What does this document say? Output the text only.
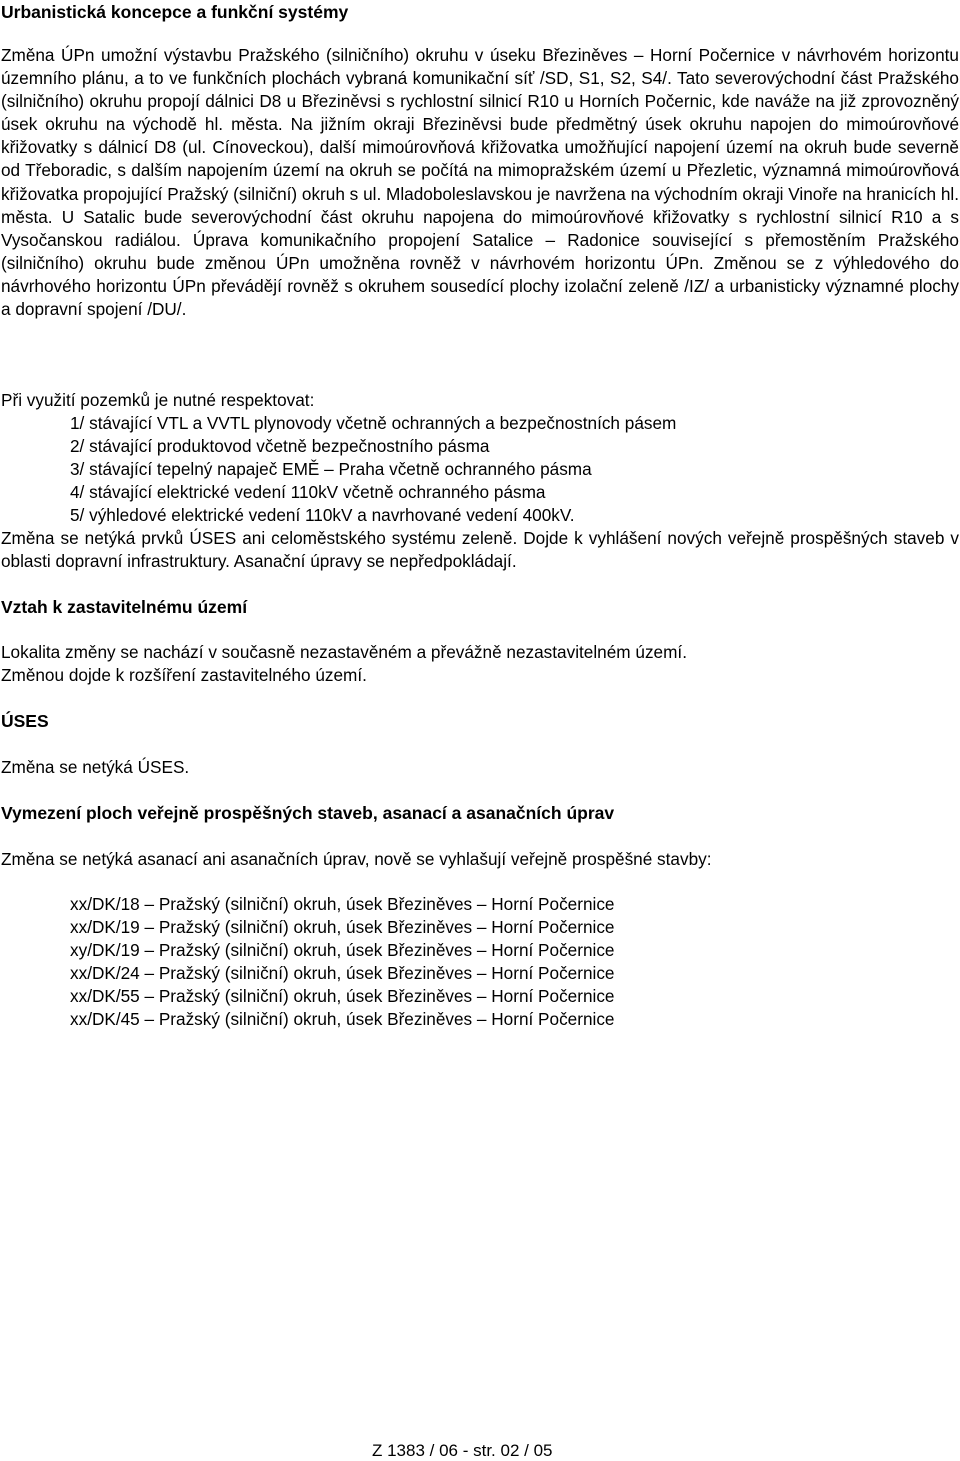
Urbanistická koncepce a funkční systémy

Změna ÚPn umožní výstavbu Pražského (silničního) okruhu v úseku Březiněves – Horní Počernice v návrhovém horizontu územního plánu, a to ve funkčních plochách vybraná komunikační síť /SD, S1, S2, S4/. Tato severovýchodní část Pražského (silničního) okruhu propojí dálnici D8 u Březiněvsi s rychlostní silnicí R10 u Horních Počernic, kde naváže na již zprovozněný úsek okruhu na východě hl. města. Na jižním okraji Březiněvsi bude předmětný úsek okruhu napojen do mimoúrovňové křižovatky s dálnicí D8 (ul. Cínoveckou), další mimoúrovňová křižovatka umožňující napojení území na okruh bude severně od Třeboradic, s dalším napojením území na okruh se počítá na mimopražském území u Přezletic, významná mimoúrovňová křižovatka propojující Pražský (silniční) okruh s ul. Mladoboleslavskou je navržena na východním okraji Vinoře na hranicích hl. města. U Satalic bude severovýchodní část okruhu napojena do mimoúrovňové křižovatky s rychlostní silnicí R10 a s Vysočanskou radiálou. Úprava komunikačního propojení Satalice – Radonice související s přemostěním Pražského (silničního) okruhu bude změnou ÚPn umožněna rovněž v návrhovém horizontu ÚPn. Změnou se z výhledového do návrhového horizontu ÚPn převádějí rovněž s okruhem sousedící plochy izolační zeleně /IZ/ a urbanisticky významné plochy a dopravní spojení /DU/.

Při využití pozemků je nutné respektovat:

1/ stávající VTL a VVTL plynovody včetně ochranných a bezpečnostních pásem
2/ stávající produktovod včetně bezpečnostního pásma
3/ stávající tepelný napaječ EMĚ – Praha včetně ochranného pásma
4/ stávající elektrické vedení 110kV včetně ochranného pásma
5/ výhledové elektrické vedení 110kV a navrhované vedení 400kV.

Změna se netýká prvků ÚSES ani celoměstského systému zeleně. Dojde k vyhlášení nových veřejně prospěšných staveb v oblasti dopravní infrastruktury. Asanační úpravy se nepředpokládají.

Vztah k zastavitelnému území

Lokalita změny se nachází v současně nezastavěném a převážně nezastavitelném území.
Změnou dojde k rozšíření zastavitelného území.

ÚSES

Změna se netýká ÚSES.

Vymezení ploch veřejně prospěšných staveb, asanací a asanačních úprav

Změna se netýká asanací ani asanačních úprav, nově se vyhlašují veřejně prospěšné stavby:

xx/DK/18 – Pražský (silniční) okruh, úsek Březiněves – Horní Počernice
xx/DK/19 – Pražský (silniční) okruh, úsek Březiněves – Horní Počernice
xy/DK/19 – Pražský (silniční) okruh, úsek Březiněves – Horní Počernice
xx/DK/24 – Pražský (silniční) okruh, úsek Březiněves – Horní Počernice
xx/DK/55 – Pražský (silniční) okruh, úsek Březiněves – Horní Počernice
xx/DK/45 – Pražský (silniční) okruh, úsek Březiněves – Horní Počernice

Z 1383 / 06 - str. 02 / 05
